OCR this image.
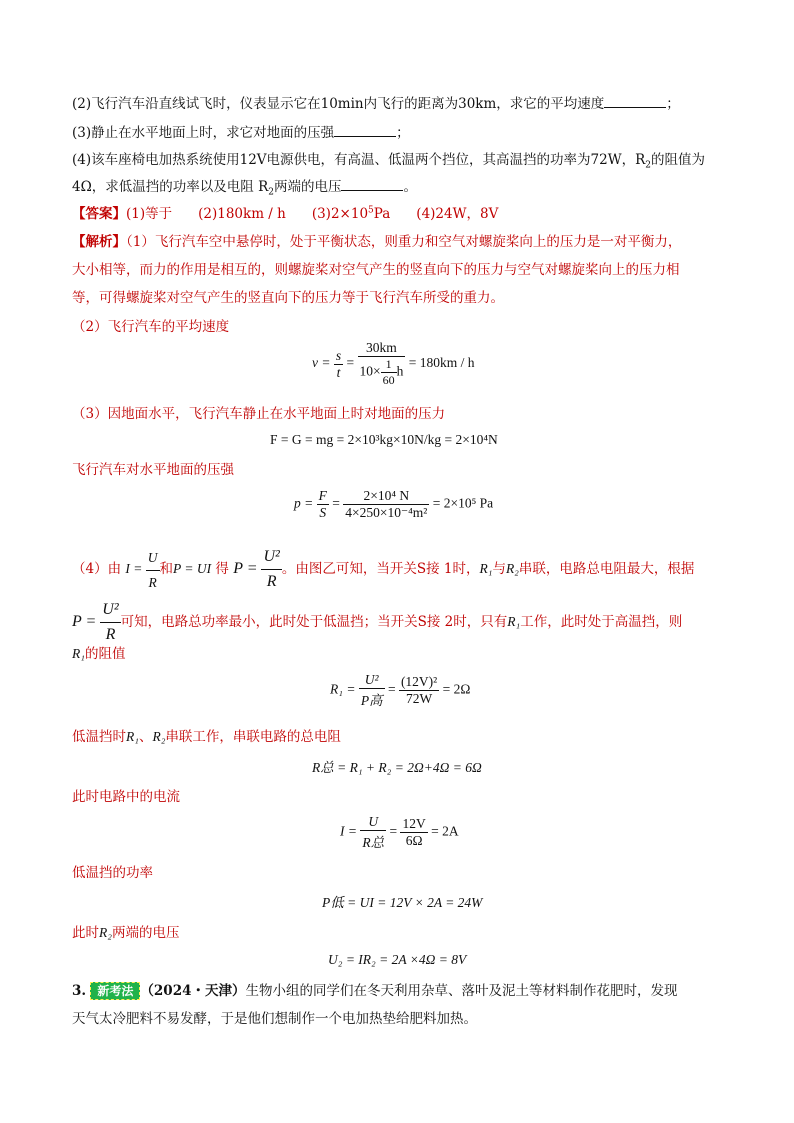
(2)飞行汽车沿直线试飞时，仪表显示它在10min内飞行的距离为30km，求它的平均速度	；
(3)静止在水平地面上时，求它对地面的压强	；
(4)该车座椅电加热系统使用12V电源供电，有高温、低温两个挡位，其高温挡的功率为72W，$R_2$的阻值为
4Ω，求低温挡的功率以及电阻 $R_2$两端的电压	。
【答案】(1)等于 (2)180km / h $(3)2\times 10^5Pa$ (4)24W，8V
【解析】（1）飞行汽车空中悬停时，处于平衡状态，则重力和空气对螺旋桨向上的压力是一对平衡力，
大小相等，而力的作用是相互的，则螺旋桨对空气产生的竖直向下的压力与空气对螺旋桨向上的压力相
等，可得螺旋桨对空气产生的竖直向下的压力等于飞行汽车所受的重力。
（2）飞行汽车的平均速度
$v = \frac{s}{t} = \frac{30km}{10\times \frac{1}{60} h} = 180km / h$
（3）因地面水平，飞行汽车静止在水平地面上时对地面的压力
F = G = mg = 2×10³kg×10N/kg = 2×10⁴N
飞行汽车对水平地面的压强
$p = \frac{F}{S} = \frac{\text{2×10⁴ N}}{\text{4×250×10⁻⁴m²}} = 2\times 10^5$ Pa
（4）由 $I = \frac{U}{R}$ 和P = UI 得 $P = \frac{\text{U²}}{R}$ 。由图乙可知，当开关S接 1时，R₁与R₂串联，电路总电阻最大，根据
$P = \frac{\text{U²}}{R}$ 可知，电路总功率最小，此时处于低温挡；当开关S接 2时，只有R₁工作，此时处于高温挡，则
R₁的阻值
$R_1 = \frac{\text{U²}}{\text{P高}} = \frac{\text{(12V)²}}{72W} = 2\Omega$
低温挡时R₁、R₂串联工作，串联电路的总电阻
R总 = R₁ + R₂ = 2Ω+4Ω = 6Ω
此时电路中的电流
$I = \frac{U}{\text{R总}} = \frac{12V}{6\Omega} = 2A$
低温挡的功率
P低 = UI = 12V × 2A = 24W
此时R₂两端的电压
U₂ = IR₂ = 2A ×4Ω = 8V
3. 新考法 （2024・天津）生物小组的同学们在冬天利用杂草、落叶及泥土等材料制作花肥时，发现
天气太冷肥料不易发酵，于是他们想制作一个电加热垫给肥料加热。
